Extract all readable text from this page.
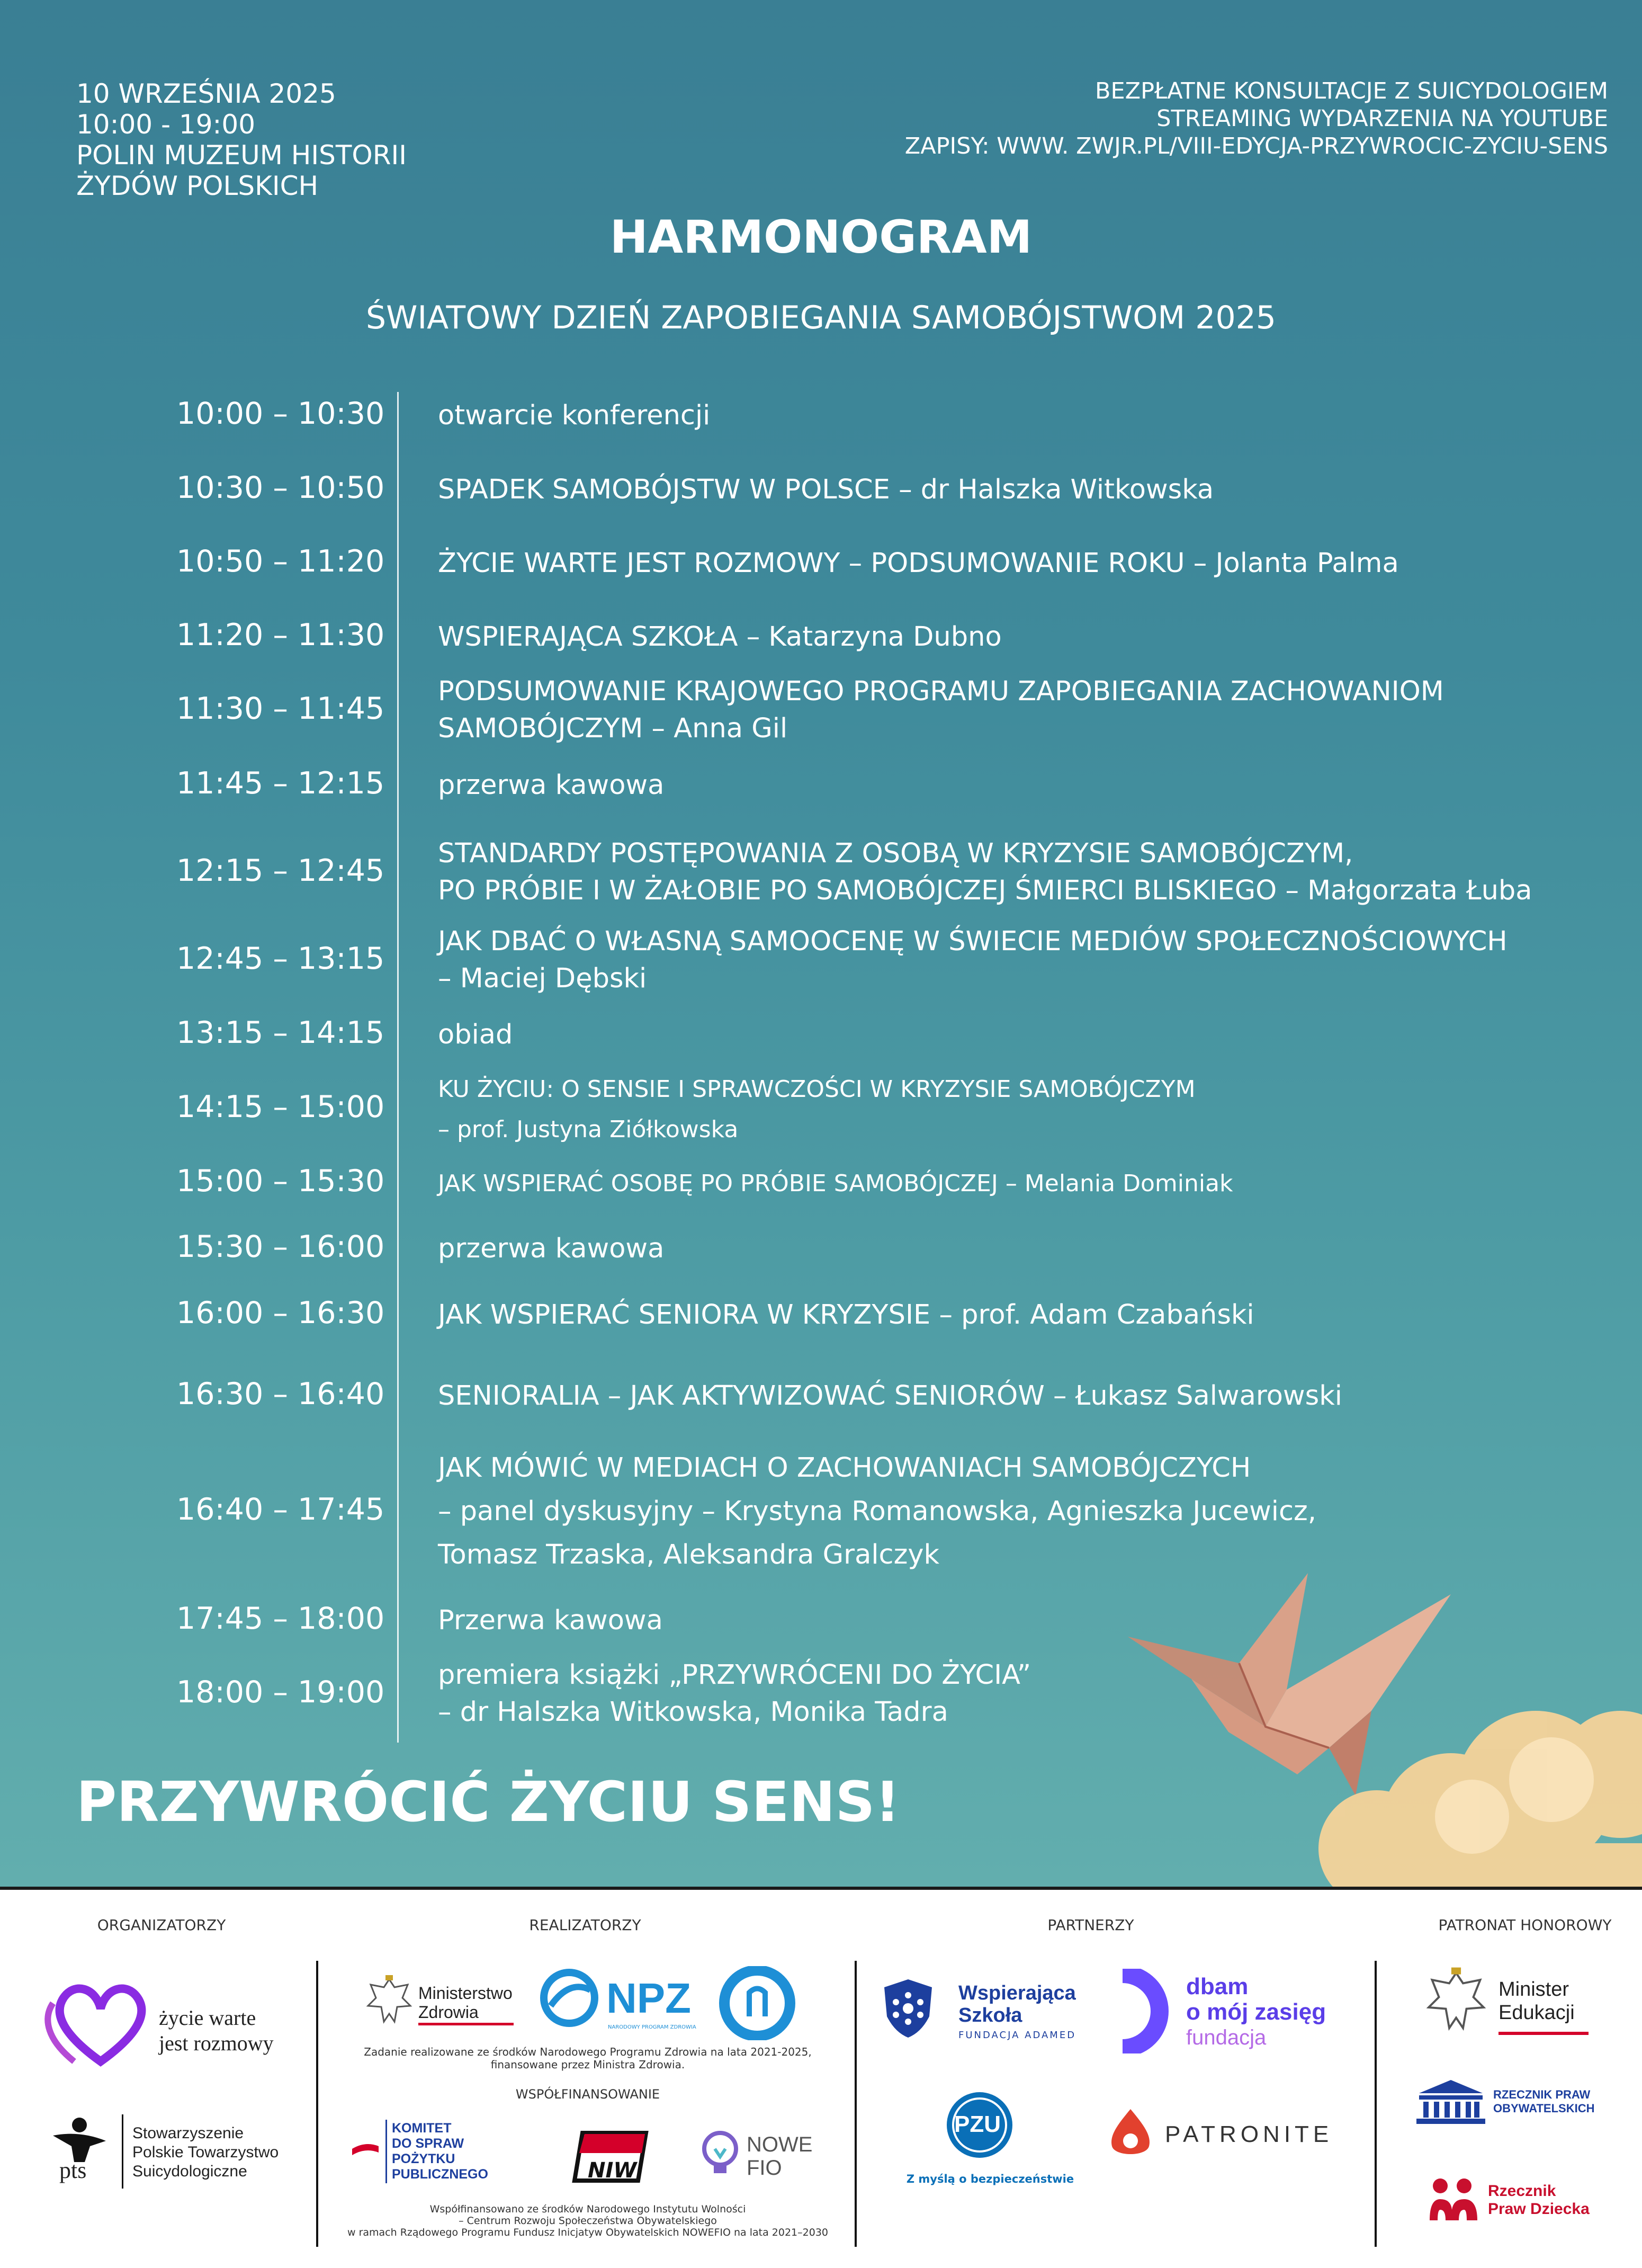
10 WRZEŚNIA 2025
10:00 - 19:00
POLIN MUZEUM HISTORII
ŻYDÓW POLSKICH
BEZPŁATNE KONSULTACJE Z SUICYDOLOGIEM
STREAMING WYDARZENIA NA YOUTUBE
ZAPISY: WWW. ZWJR.PL/VIII-EDYCJA-PRZYWROCIC-ZYCIU-SENS
HARMONOGRAM
ŚWIATOWY DZIEŃ ZAPOBIEGANIA SAMOBÓJSTWOM 2025
10:00 – 10:30 otwarcie konferencji
10:30 – 10:50 SPADEK SAMOBÓJSTW W POLSCE – dr Halszka Witkowska
10:50 – 11:20 ŻYCIE WARTE JEST ROZMOWY – PODSUMOWANIE ROKU – Jolanta Palma
11:20 – 11:30 WSPIERAJĄCA SZKOŁA – Katarzyna Dubno
11:30 – 11:45 PODSUMOWANIE KRAJOWEGO PROGRAMU ZAPOBIEGANIA ZACHOWANIOM
SAMOBÓJCZYM – Anna Gil
11:45 – 12:15 przerwa kawowa
12:15 – 12:45 STANDARDY POSTĘPOWANIA Z OSOBĄ W KRYZYSIE SAMOBÓJCZYM,
PO PRÓBIE I W ŻAŁOBIE PO SAMOBÓJCZEJ ŚMIERCI BLISKIEGO – Małgorzata Łuba
12:45 – 13:15 JAK DBAĆ O WŁASNĄ SAMOOCENĘ W ŚWIECIE MEDIÓW SPOŁECZNOŚCIOWYCH
– Maciej Dębski
13:15 – 14:15 obiad
14:15 – 15:00
KU ŻYCIU: O SENSIE I SPRAWCZOŚCI W KRYZYSIE SAMOBÓJCZYM
– prof. Justyna Ziółkowska
15:00 – 15:30 JAK WSPIERAĆ OSOBĘ PO PRÓBIE SAMOBÓJCZEJ – Melania Dominiak
15:30 – 16:00 przerwa kawowa
16:00 – 16:30 JAK WSPIERAĆ SENIORA W KRYZYSIE – prof. Adam Czabański
16:30 – 16:40 SENIORALIA – JAK AKTYWIZOWAĆ SENIORÓW – Łukasz Salwarowski
16:40 – 17:45
JAK MÓWIĆ W MEDIACH O ZACHOWANIACH SAMOBÓJCZYCH
– panel dyskusyjny – Krystyna Romanowska, Agnieszka Jucewicz,
Tomasz Trzaska, Aleksandra Gralczyk
17:45 – 18:00 Przerwa kawowa
18:00 – 19:00 premiera książki „PRZYWRÓCENI DO ŻYCIA”
– dr Halszka Witkowska, Monika Tadra
PRZYWRÓCIĆ ŻYCIU SENS!
ORGANIZATORZY	REALIZATORZY	PARTNERZY	PATRONAT HONOROWY
życie warte
jest rozmowy
pts
Stowarzyszenie
Polskie Towarzystwo
Suicydologiczne
Ministerstwo
Zdrowia	NPZ
NARODOWY PROGRAM ZDROWIA
Zadanie realizowane ze środków Narodowego Programu Zdrowia na lata 2021-2025,
finansowane przez Ministra Zdrowia.
WSPÓŁFINANSOWANIE
KOMITET
DO SPRAW
POŻYTKU
PUBLICZNEGO	NIW
NOWE
FIO
Współfinansowano ze środków Narodowego Instytutu Wolności
– Centrum Rozwoju Społeczeństwa Obywatelskiego
w ramach Rządowego Programu Fundusz Inicjatyw Obywatelskich NOWEFIO na lata 2021–2030
Wspierająca
Szkoła
FUNDACJA ADAMED
dbam
o mój zasięg
fundacja
PZU
Z myślą o bezpieczeństwie
PATRONITE
Minister
Edukacji
RZECZNIK PRAW
OBYWATELSKICH
Rzecznik
Praw Dziecka
